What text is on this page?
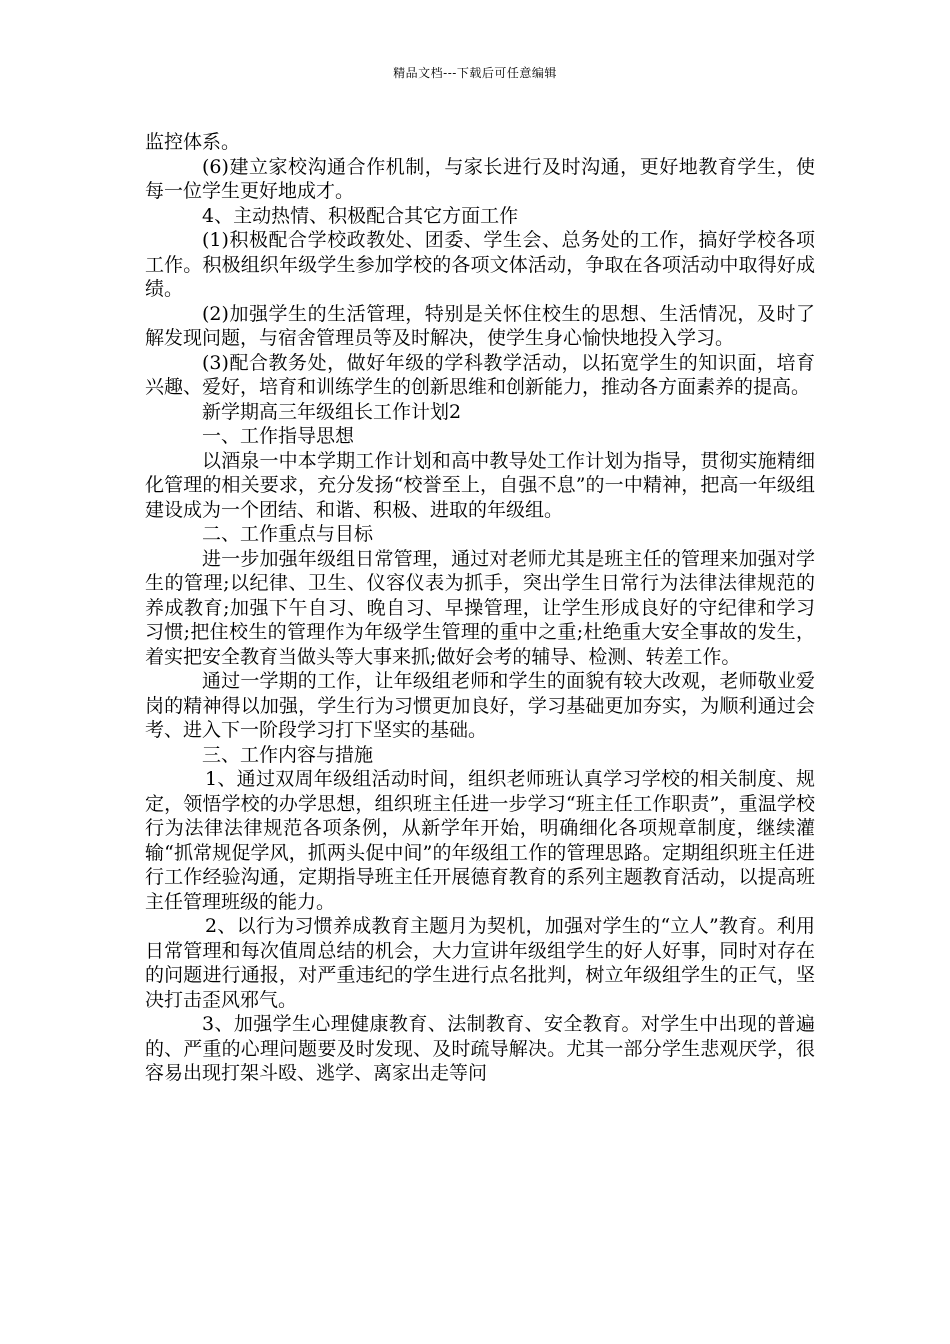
精品文档---下载后可任意编辑

监控体系。

(6)建立家校沟通合作机制，与家长进行及时沟通，更好地教育学生，使每一位学生更好地成才。

4、主动热情、积极配合其它方面工作

(1)积极配合学校政教处、团委、学生会、总务处的工作，搞好学校各项工作。积极组织年级学生参加学校的各项文体活动，争取在各项活动中取得好成绩。

(2)加强学生的生活管理，特别是关怀住校生的思想、生活情况，及时了解发现问题，与宿舍管理员等及时解决，使学生身心愉快地投入学习。

(3)配合教务处，做好年级的学科教学活动，以拓宽学生的知识面，培育兴趣、爱好，培育和训练学生的创新思维和创新能力，推动各方面素养的提高。

新学期高三年级组长工作计划2

一、工作指导思想

以酒泉一中本学期工作计划和高中教导处工作计划为指导，贯彻实施精细化管理的相关要求，充分发扬“校誉至上，自强不息”的一中精神，把高一年级组建设成为一个团结、和谐、积极、进取的年级组。

二、工作重点与目标

进一步加强年级组日常管理，通过对老师尤其是班主任的管理来加强对学生的管理;以纪律、卫生、仪容仪表为抓手，突出学生日常行为法律法律规范的养成教育;加强下午自习、晚自习、早操管理，让学生形成良好的守纪律和学习习惯;把住校生的管理作为年级学生管理的重中之重;杜绝重大安全事故的发生，着实把安全教育当做头等大事来抓;做好会考的辅导、检测、转差工作。

通过一学期的工作，让年级组老师和学生的面貌有较大改观，老师敬业爱岗的精神得以加强，学生行为习惯更加良好，学习基础更加夯实，为顺利通过会考、进入下一阶段学习打下坚实的基础。

三、工作内容与措施

1、通过双周年级组活动时间，组织老师班认真学习学校的相关制度、规定，领悟学校的办学思想，组织班主任进一步学习“班主任工作职责”，重温学校行为法律法律规范各项条例，从新学年开始，明确细化各项规章制度，继续灌输“抓常规促学风，抓两头促中间”的年级组工作的管理思路。定期组织班主任进行工作经验沟通，定期指导班主任开展德育教育的系列主题教育活动，以提高班主任管理班级的能力。

2、以行为习惯养成教育主题月为契机，加强对学生的“立人”教育。利用日常管理和每次值周总结的机会，大力宣讲年级组学生的好人好事，同时对存在的问题进行通报，对严重违纪的学生进行点名批判，树立年级组学生的正气，坚决打击歪风邪气。

3、加强学生心理健康教育、法制教育、安全教育。对学生中出现的普遍的、严重的心理问题要及时发现、及时疏导解决。尤其一部分学生悲观厌学，很容易出现打架斗殴、逃学、离家出走等问
